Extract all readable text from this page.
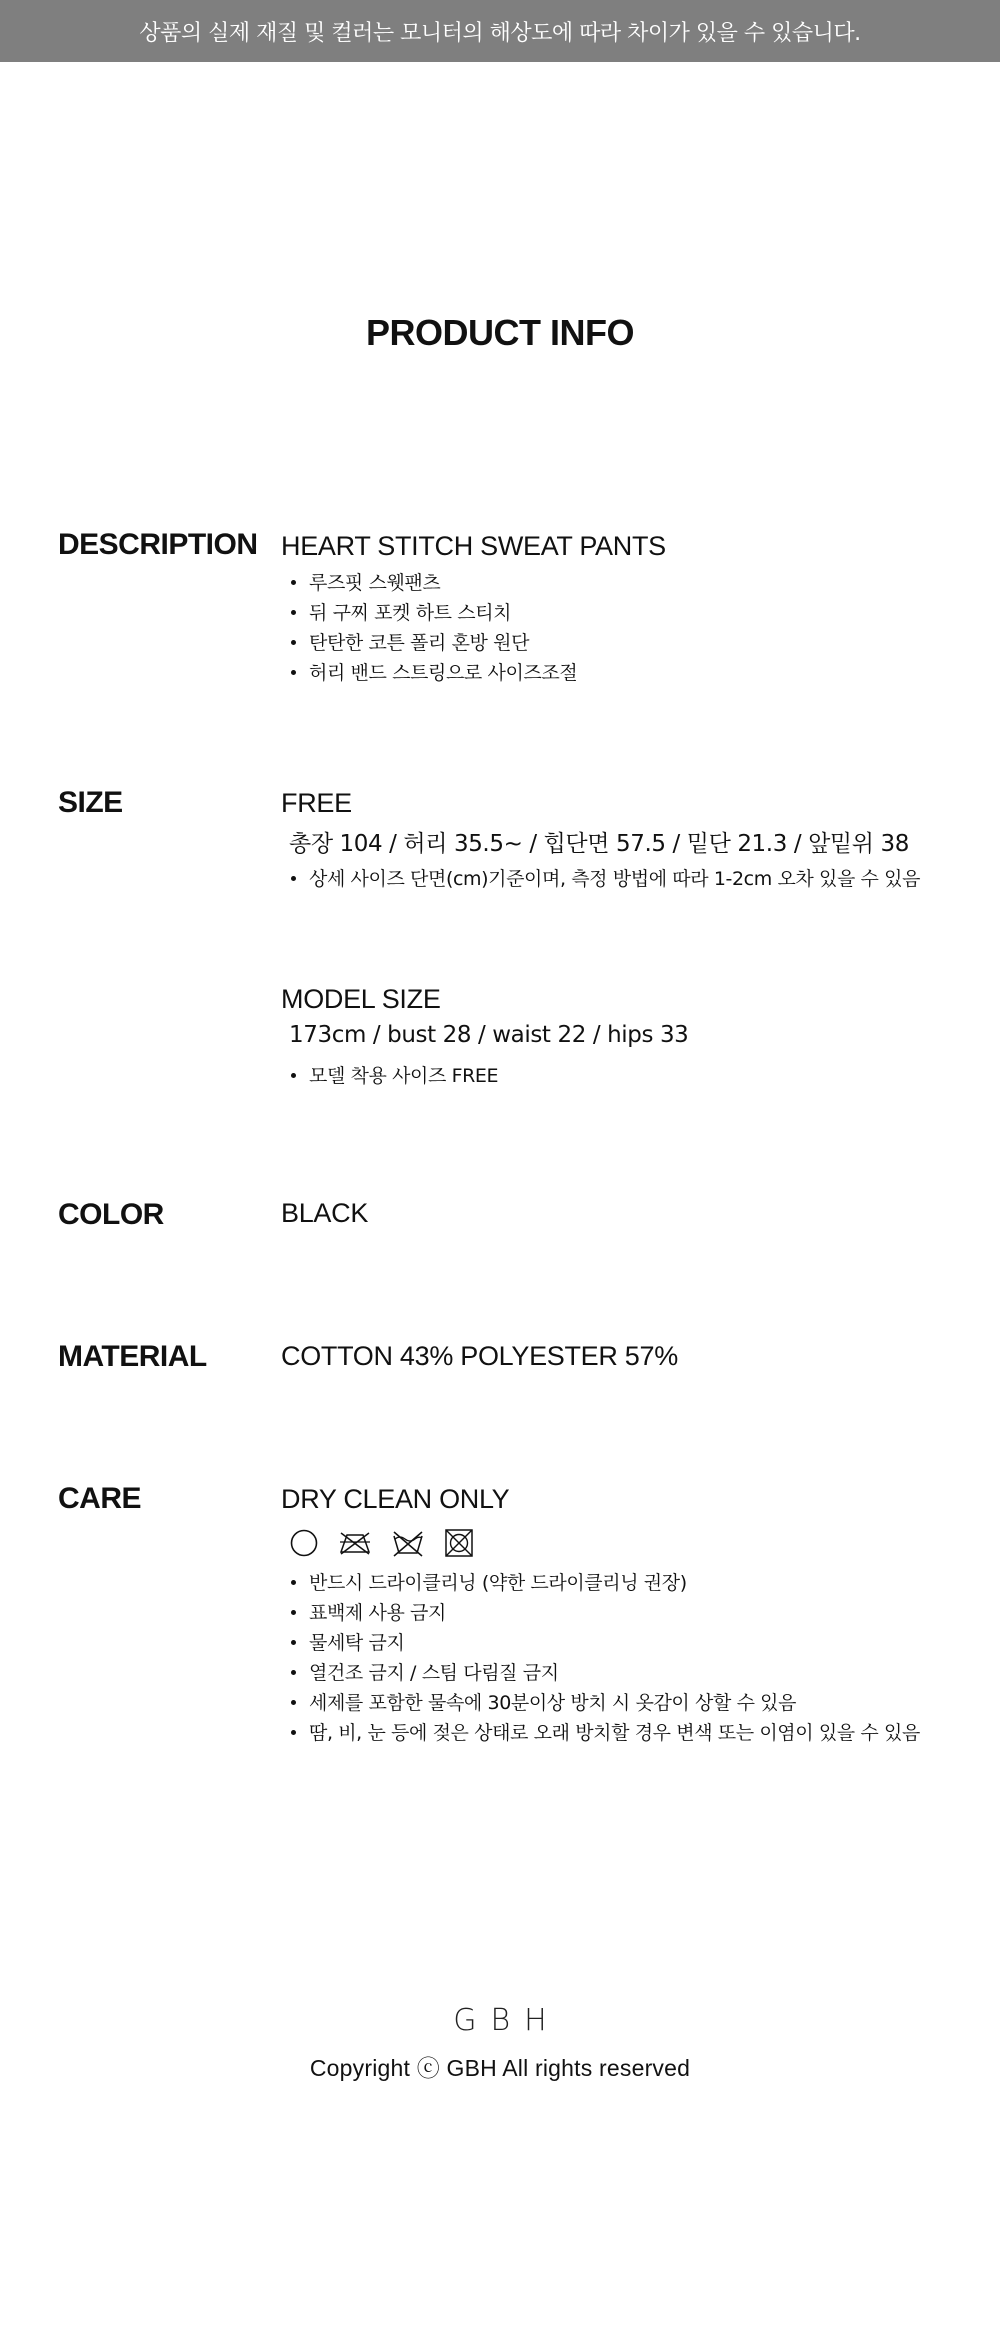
상품의 실제 재질 및 컬러는 모니터의 해상도에 따라 차이가 있을 수 있습니다.
PRODUCT INFO
DESCRIPTION HEART STITCH SWEAT PANTS
루즈핏 스웻팬츠
뒤 구찌 포켓 하트 스티치
탄탄한 코튼 폴리 혼방 원단
허리 밴드 스트링으로 사이즈조절
SIZE	FREE
총장 104 / 허리 35.5~ / 힙단면 57.5 / 밑단 21.3 / 앞밑위 38
상세 사이즈 단면(cm)기준이며, 측정 방법에 따라 1-2cm 오차 있을 수 있음
MODEL SIZE
173cm / bust 28 / waist 22 / hips 33
모델 착용 사이즈 FREE
COLOR	BLACK
MATERIAL	COTTON 43% POLYESTER 57%
CARE	DRY CLEAN ONLY
반드시 드라이클리닝 (약한 드라이클리닝 권장)
표백제 사용 금지
물세탁 금지
열건조 금지 / 스팀 다림질 금지
세제를 포함한 물속에 30분이상 방치 시 옷감이 상할 수 있음
땀, 비, 눈 등에 젖은 상태로 오래 방치할 경우 변색 또는 이염이 있을 수 있음
GBH
Copyright ⓒ GBH All rights reserved
